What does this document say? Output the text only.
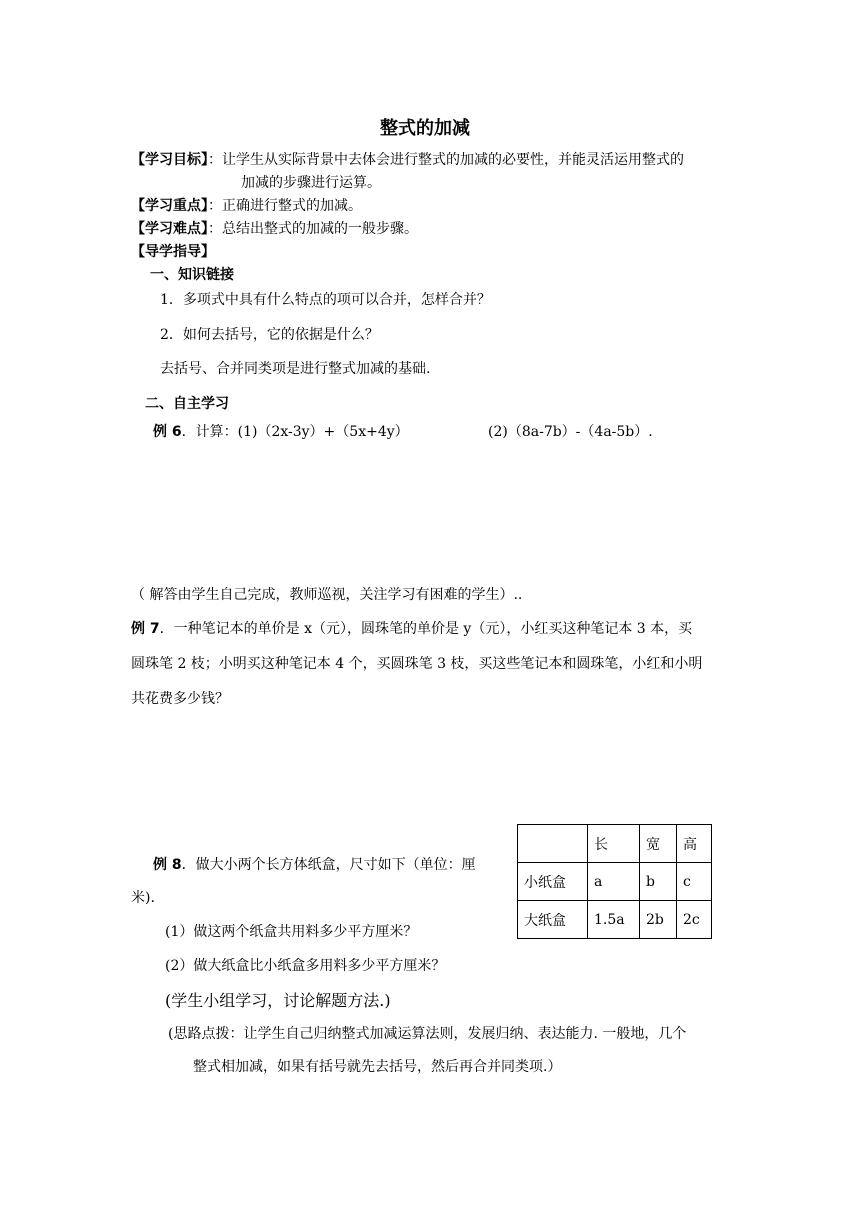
整式的加减
【学习目标】：让学生从实际背景中去体会进行整式的加减的必要性，并能灵活运用整式的
加减的步骤进行运算。
【学习重点】：正确进行整式的加减。
【学习难点】：总结出整式的加减的一般步骤。
【导学指导】
一、知识链接
1．多项式中具有什么特点的项可以合并，怎样合并？
2．如何去括号，它的依据是什么？
去括号、合并同类项是进行整式加减的基础.
二、自主学习
例 6．计算：(1)（2x-3y）+（5x+4y）	(2)（8a-7b）-（4a-5b）.
（ 解答由学生自己完成，教师巡视，关注学习有困难的学生）..
例 7．一种笔记本的单价是 x（元），圆珠笔的单价是 y（元），小红买这种笔记本 3 本，买
圆珠笔 2 枝；小明买这种笔记本 4 个，买圆珠笔 3 枝，买这些笔记本和圆珠笔，小红和小明
共花费多少钱？
例 8．做大小两个长方体纸盒，尺寸如下（单位：厘
米).
(1）做这两个纸盒共用料多少平方厘米？
(2）做大纸盒比小纸盒多用料多少平方厘米？
(学生小组学习，讨论解题方法.)
(思路点拨：让学生自己归纳整式加减运算法则，发展归纳、表达能力. 一般地，几个
整式相加减，如果有括号就先去括号，然后再合并同类项.）
	长	宽	高
小纸盒	a	b	c
大纸盒	1.5a	2b	2c
